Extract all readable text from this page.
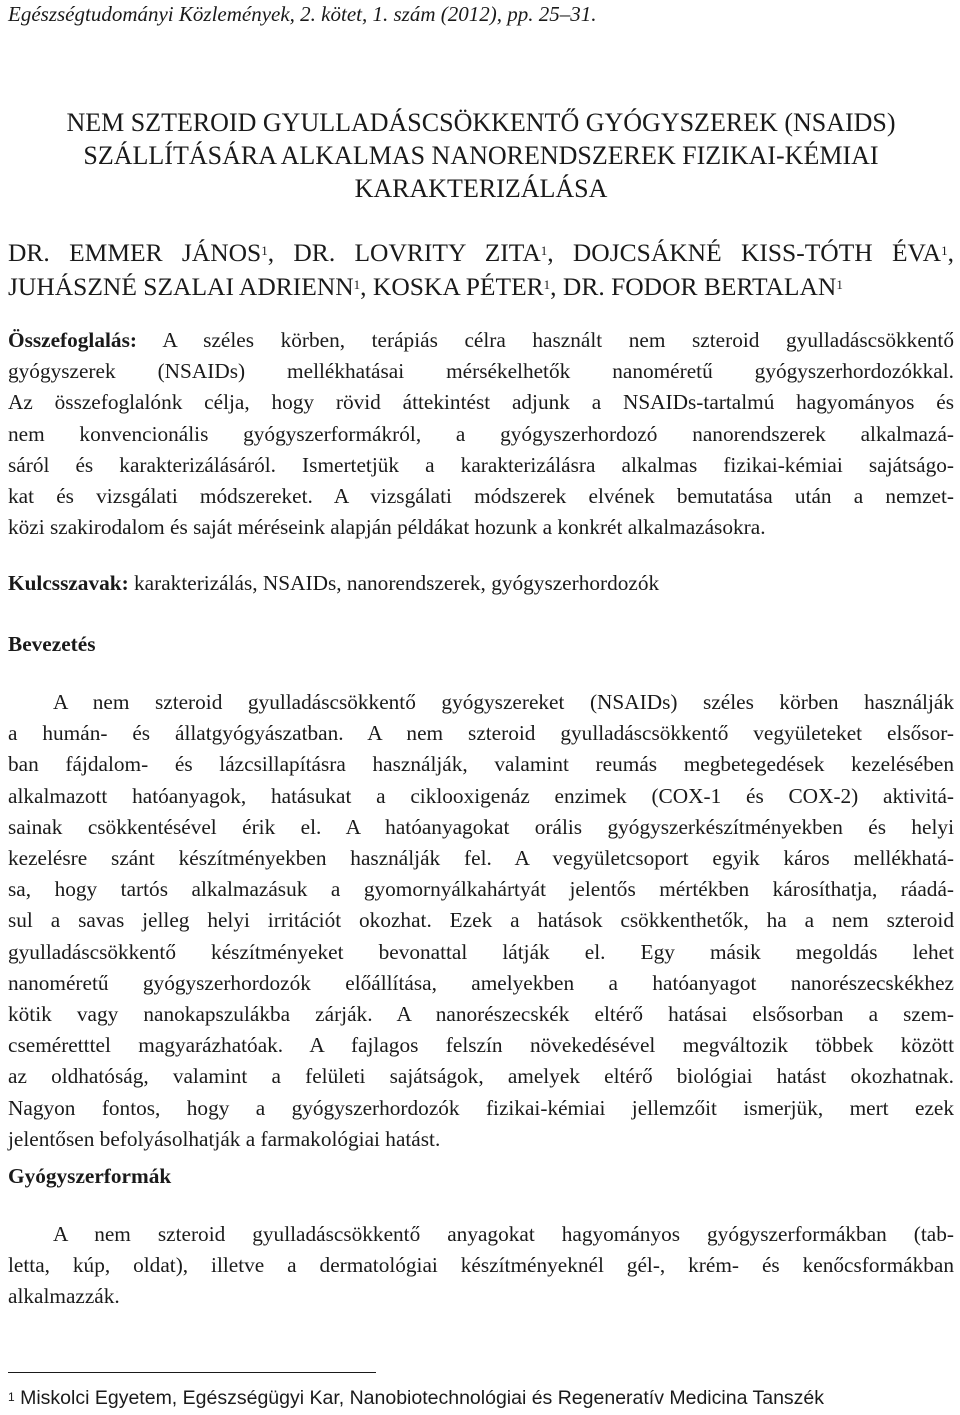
Egészségtudományi Közlemények, 2. kötet, 1. szám (2012), pp. 25–31.
NEM SZTEROID GYULLADÁSCSÖKKENTŐ GYÓGYSZEREK (NSAIDS)
SZÁLLÍTÁSÁRA ALKALMAS NANORENDSZEREK FIZIKAI-KÉMIAI
KARAKTERIZÁLÁSA
DR. EMMER JÁNOS$^1$, DR. LOVRITY ZITA$^1$, DOJCSÁKNÉ KISS-TÓTH ÉVA$^1$,
JUHÁSZNÉ SZALAI ADRIENN$^1$, KOSKA PÉTER$^1$, DR. FODOR BERTALAN$^1$
Összefoglalás: A széles körben, terápiás célra használt nem szteroid gyulladáscsökkentő
gyógyszerek (NSAIDs) mellékhatásai mérsékelhetők nanoméretű gyógyszerhordozókkal.
Az összefoglalónk célja, hogy rövid áttekintést adjunk a NSAIDs-tartalmú hagyományos és
nem konvencionális gyógyszerformákról, a gyógyszerhordozó nanorendszerek alkalmazá-
sáról és karakterizálásáról. Ismertetjük a karakterizálásra alkalmas fizikai-kémiai sajátságo-
kat és vizsgálati módszereket. A vizsgálati módszerek elvének bemutatása után a nemzet-
közi szakirodalom és saját méréseink alapján példákat hozunk a konkrét alkalmazásokra.
Kulcsszavak: karakterizálás, NSAIDs, nanorendszerek, gyógyszerhordozók
Bevezetés
A nem szteroid gyulladáscsökkentő gyógyszereket (NSAIDs) széles körben használják
a humán- és állatgyógyászatban. A nem szteroid gyulladáscsökkentő vegyületeket elsősor-
ban fájdalom- és lázcsillapításra használják, valamint reumás megbetegedések kezelésében
alkalmazott hatóanyagok, hatásukat a ciklooxigenáz enzimek (COX-1 és COX-2) aktivitá-
sainak csökkentésével érik el. A hatóanyagokat orális gyógyszerkészítményekben és helyi
kezelésre szánt készítményekben használják fel. A vegyületcsoport egyik káros mellékhatá-
sa, hogy tartós alkalmazásuk a gyomornyálkahártyát jelentős mértékben károsíthatja, ráadá-
sul a savas jelleg helyi irritációt okozhat. Ezek a hatások csökkenthetők, ha a nem szteroid
gyulladáscsökkentő készítményeket bevonattal látják el. Egy másik megoldás lehet
nanoméretű gyógyszerhordozók előállítása, amelyekben a hatóanyagot nanorészecskékhez
kötik vagy nanokapszulákba zárják. A nanorészecskék eltérő hatásai elsősorban a szem-
cseméretttel magyarázhatóak. A fajlagos felszín növekedésével megváltozik többek között
az oldhatóság, valamint a felületi sajátságok, amelyek eltérő biológiai hatást okozhatnak.
Nagyon fontos, hogy a gyógyszerhordozók fizikai-kémiai jellemzőit ismerjük, mert ezek
jelentősen befolyásolhatják a farmakológiai hatást.
Gyógyszerformák
A nem szteroid gyulladáscsökkentő anyagokat hagyományos gyógyszerformákban (tab-
letta, kúp, oldat), illetve a dermatológiai készítményeknél gél-, krém- és kenőcsformákban
alkalmazzák.
$^1$ Miskolci Egyetem, Egészségügyi Kar, Nanobiotechnológiai és Regeneratív Medicina Tanszék
